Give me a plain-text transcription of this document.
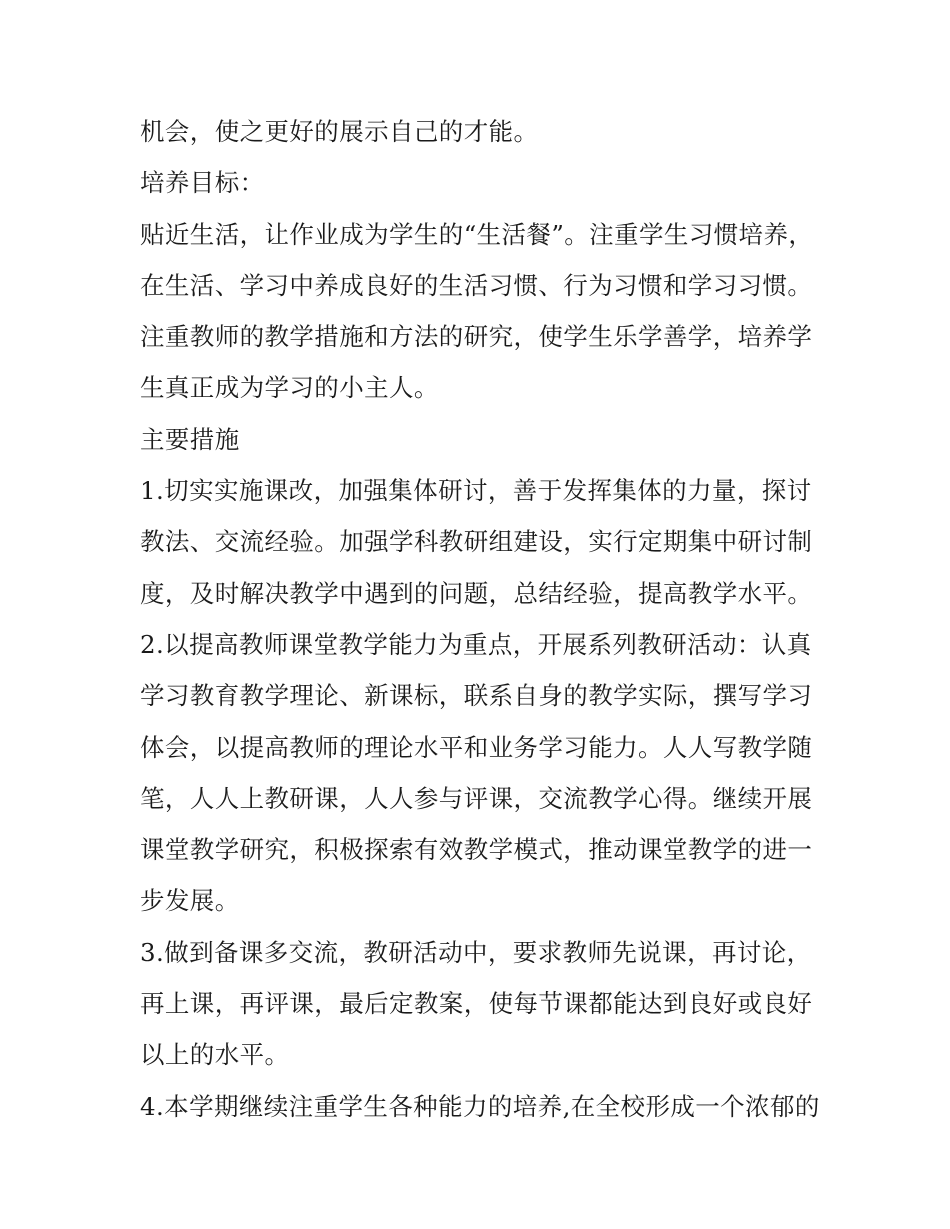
机会，使之更好的展示自己的才能。
培养目标：
贴近生活，让作业成为学生的“生活餐”。注重学生习惯培养，
在生活、学习中养成良好的生活习惯、行为习惯和学习习惯。
注重教师的教学措施和方法的研究，使学生乐学善学，培养学
生真正成为学习的小主人。
主要措施
1.切实实施课改，加强集体研讨，善于发挥集体的力量，探讨
教法、交流经验。加强学科教研组建设，实行定期集中研讨制
度，及时解决教学中遇到的问题，总结经验，提高教学水平。
2.以提高教师课堂教学能力为重点，开展系列教研活动：认真
学习教育教学理论、新课标，联系自身的教学实际，撰写学习
体会，以提高教师的理论水平和业务学习能力。人人写教学随
笔，人人上教研课，人人参与评课，交流教学心得。继续开展
课堂教学研究，积极探索有效教学模式，推动课堂教学的进一
步发展。
3.做到备课多交流，教研活动中，要求教师先说课，再讨论，
再上课，再评课，最后定教案，使每节课都能达到良好或良好
以上的水平。
4.本学期继续注重学生各种能力的培养,在全校形成一个浓郁的
